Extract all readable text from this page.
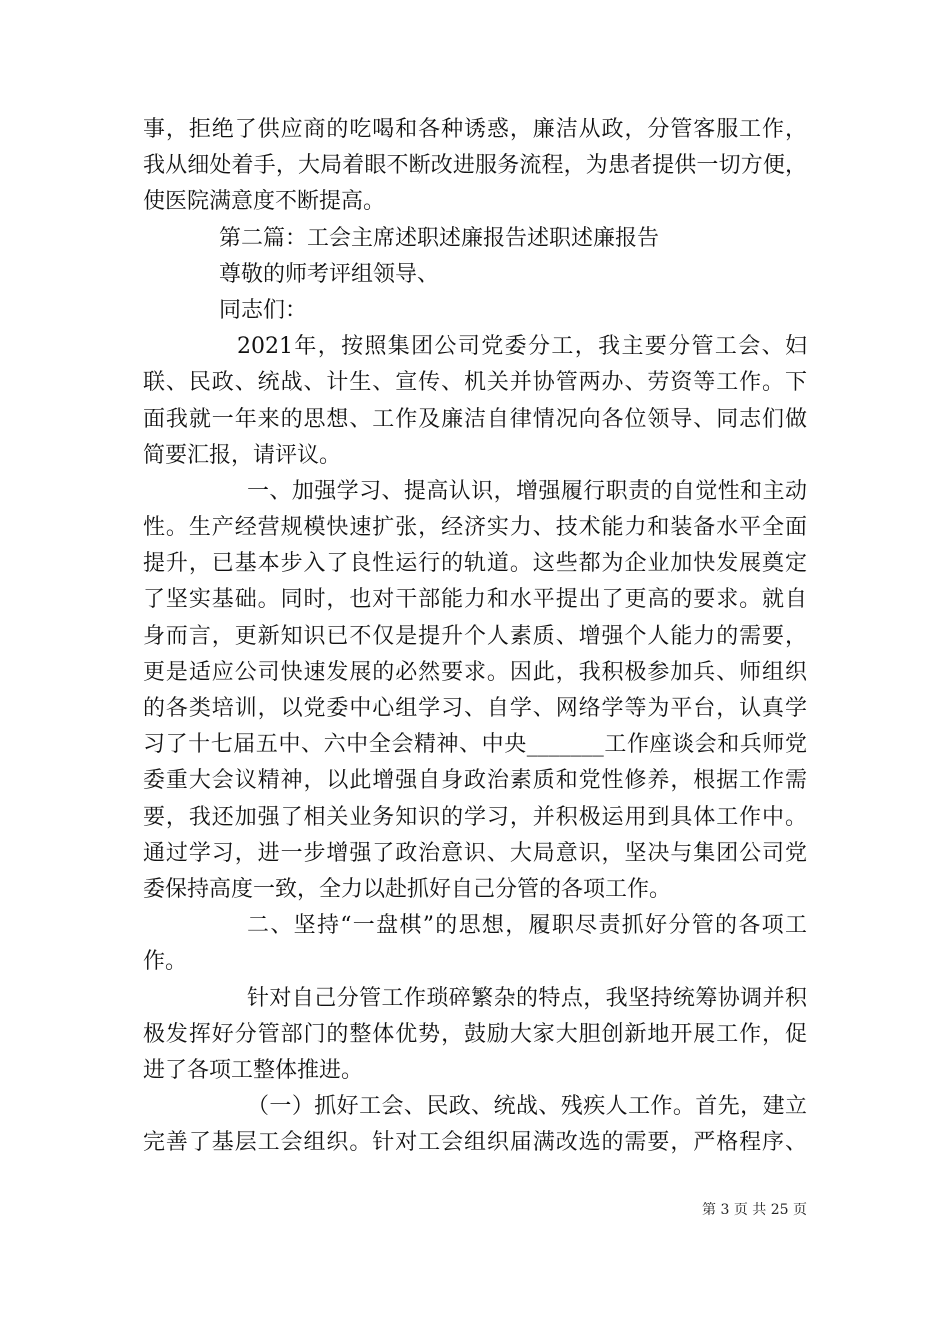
事，拒绝了供应商的吃喝和各种诱惑，廉洁从政，分管客服工作，
我从细处着手，大局着眼不断改进服务流程，为患者提供一切方便，
使医院满意度不断提高。
第二篇：工会主席述职述廉报告述职述廉报告
尊敬的师考评组领导、
同志们：
2021年，按照集团公司党委分工，我主要分管工会、妇
联、民政、统战、计生、宣传、机关并协管两办、劳资等工作。下
面我就一年来的思想、工作及廉洁自律情况向各位领导、同志们做
简要汇报，请评议。
一、加强学习、提高认识，增强履行职责的自觉性和主动
性。生产经营规模快速扩张，经济实力、技术能力和装备水平全面
提升，已基本步入了良性运行的轨道。这些都为企业加快发展奠定
了坚实基础。同时，也对干部能力和水平提出了更高的要求。就自
身而言，更新知识已不仅是提升个人素质、增强个人能力的需要，
更是适应公司快速发展的必然要求。因此，我积极参加兵、师组织
的各类培训，以党委中心组学习、自学、网络学等为平台，认真学
习了十七届五中、六中全会精神、中央_______工作座谈会和兵师党
委重大会议精神，以此增强自身政治素质和党性修养，根据工作需
要，我还加强了相关业务知识的学习，并积极运用到具体工作中。
通过学习，进一步增强了政治意识、大局意识，坚决与集团公司党
委保持高度一致，全力以赴抓好自己分管的各项工作。
二、坚持“一盘棋”的思想，履职尽责抓好分管的各项工
作。
针对自己分管工作琐碎繁杂的特点，我坚持统筹协调并积
极发挥好分管部门的整体优势，鼓励大家大胆创新地开展工作，促
进了各项工整体推进。
（一）抓好工会、民政、统战、残疾人工作。首先，建立
完善了基层工会组织。针对工会组织届满改选的需要，严格程序、
第 3 页 共 25 页
